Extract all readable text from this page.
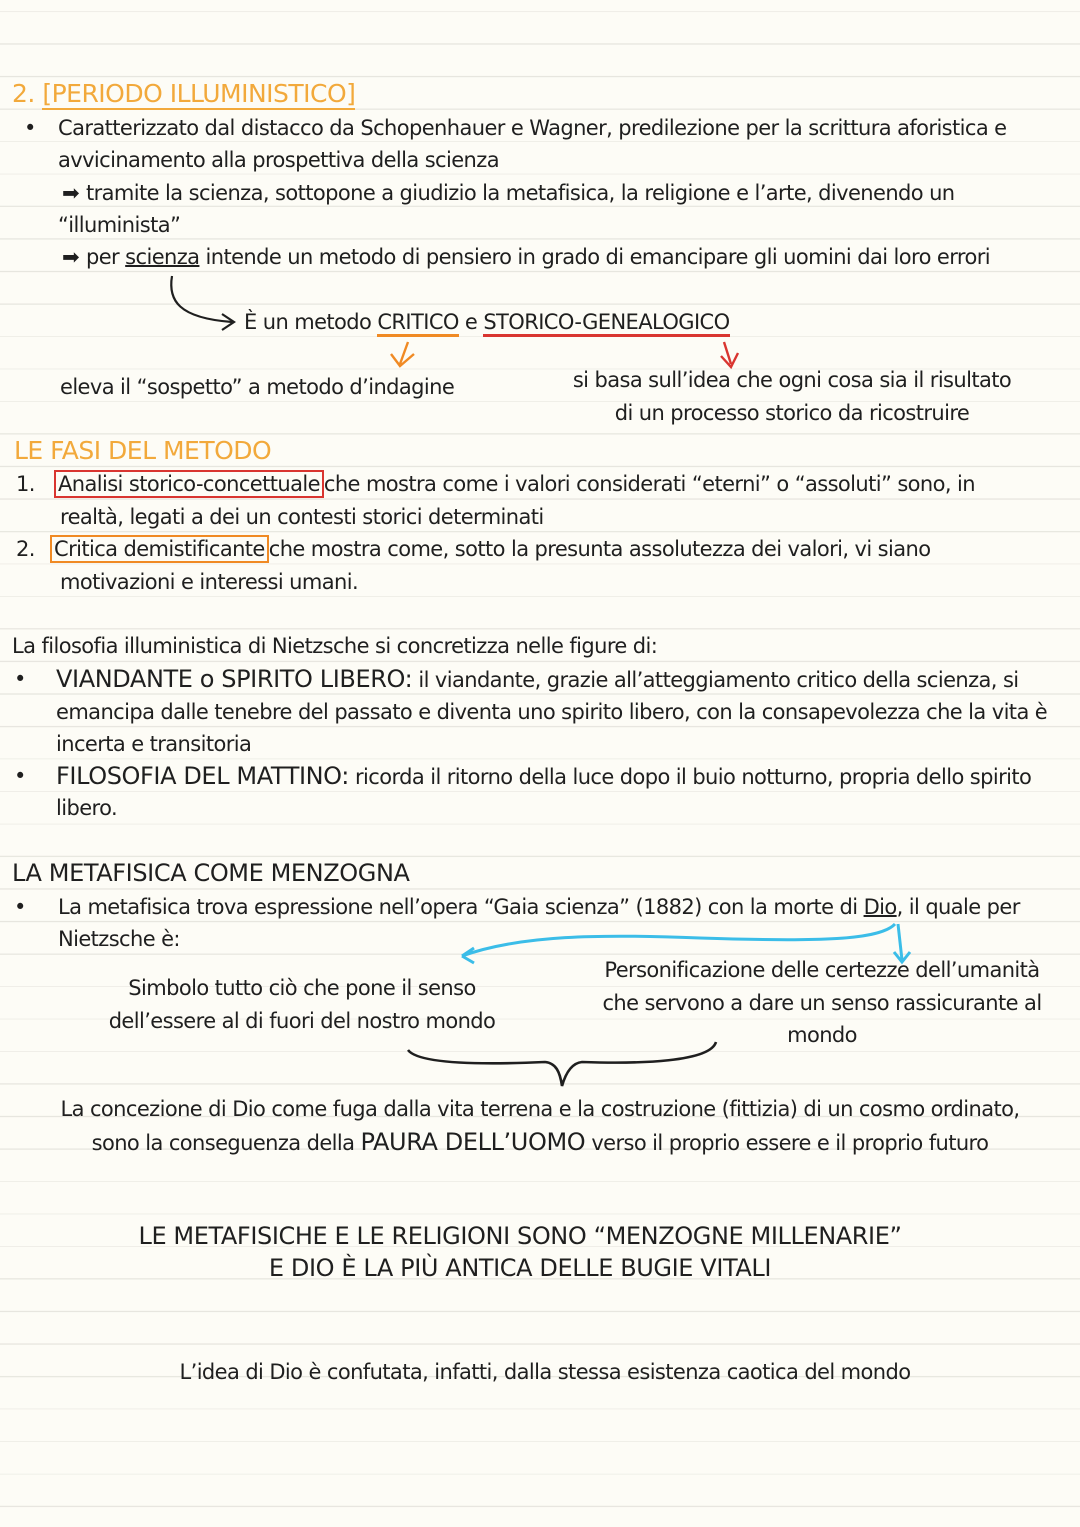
2. [PERIODO ILLUMINISTICO]
• Caratterizzato dal distacco da Schopenhauer e Wagner, predilezione per la scrittura aforistica e
avvicinamento alla prospettiva della scienza
➡ tramite la scienza, sottopone a giudizio la metafisica, la religione e l’arte, divenendo un
“illuminista”
➡ per scienza intende un metodo di pensiero in grado di emancipare gli uomini dai loro errori
È un metodo CRITICO e STORICO-GENEALOGICO
eleva il “sospetto” a metodo d’indagine	si basa sull’idea che ogni cosa sia il risultato
di un processo storico da ricostruire
LE FASI DEL METODO
1. Analisi storico-concettuale che mostra come i valori considerati “eterni” o “assoluti” sono, in
realtà, legati a dei un contesti storici determinati
2. Critica demistificante che mostra come, sotto la presunta assolutezza dei valori, vi siano
motivazioni e interessi umani.
La filosofia illuministica di Nietzsche si concretizza nelle figure di:
• VIANDANTE o SPIRITO LIBERO: il viandante, grazie all’atteggiamento critico della scienza, si
emancipa dalle tenebre del passato e diventa uno spirito libero, con la consapevolezza che la vita è
incerta e transitoria
• FILOSOFIA DEL MATTINO: ricorda il ritorno della luce dopo il buio notturno, propria dello spirito
libero.
LA METAFISICA COME MENZOGNA
• La metafisica trova espressione nell’opera “Gaia scienza” (1882) con la morte di Dio, il quale per
Nietzsche è:
Simbolo tutto ciò che pone il senso
dell’essere al di fuori del nostro mondo
Personificazione delle certezze dell’umanità
che servono a dare un senso rassicurante al
mondo
La concezione di Dio come fuga dalla vita terrena e la costruzione (fittizia) di un cosmo ordinato,
sono la conseguenza della PAURA DELL’UOMO verso il proprio essere e il proprio futuro
LE METAFISICHE E LE RELIGIONI SONO “MENZOGNE MILLENARIE”
E DIO È LA PIÙ ANTICA DELLE BUGIE VITALI
L’idea di Dio è confutata, infatti, dalla stessa esistenza caotica del mondo
